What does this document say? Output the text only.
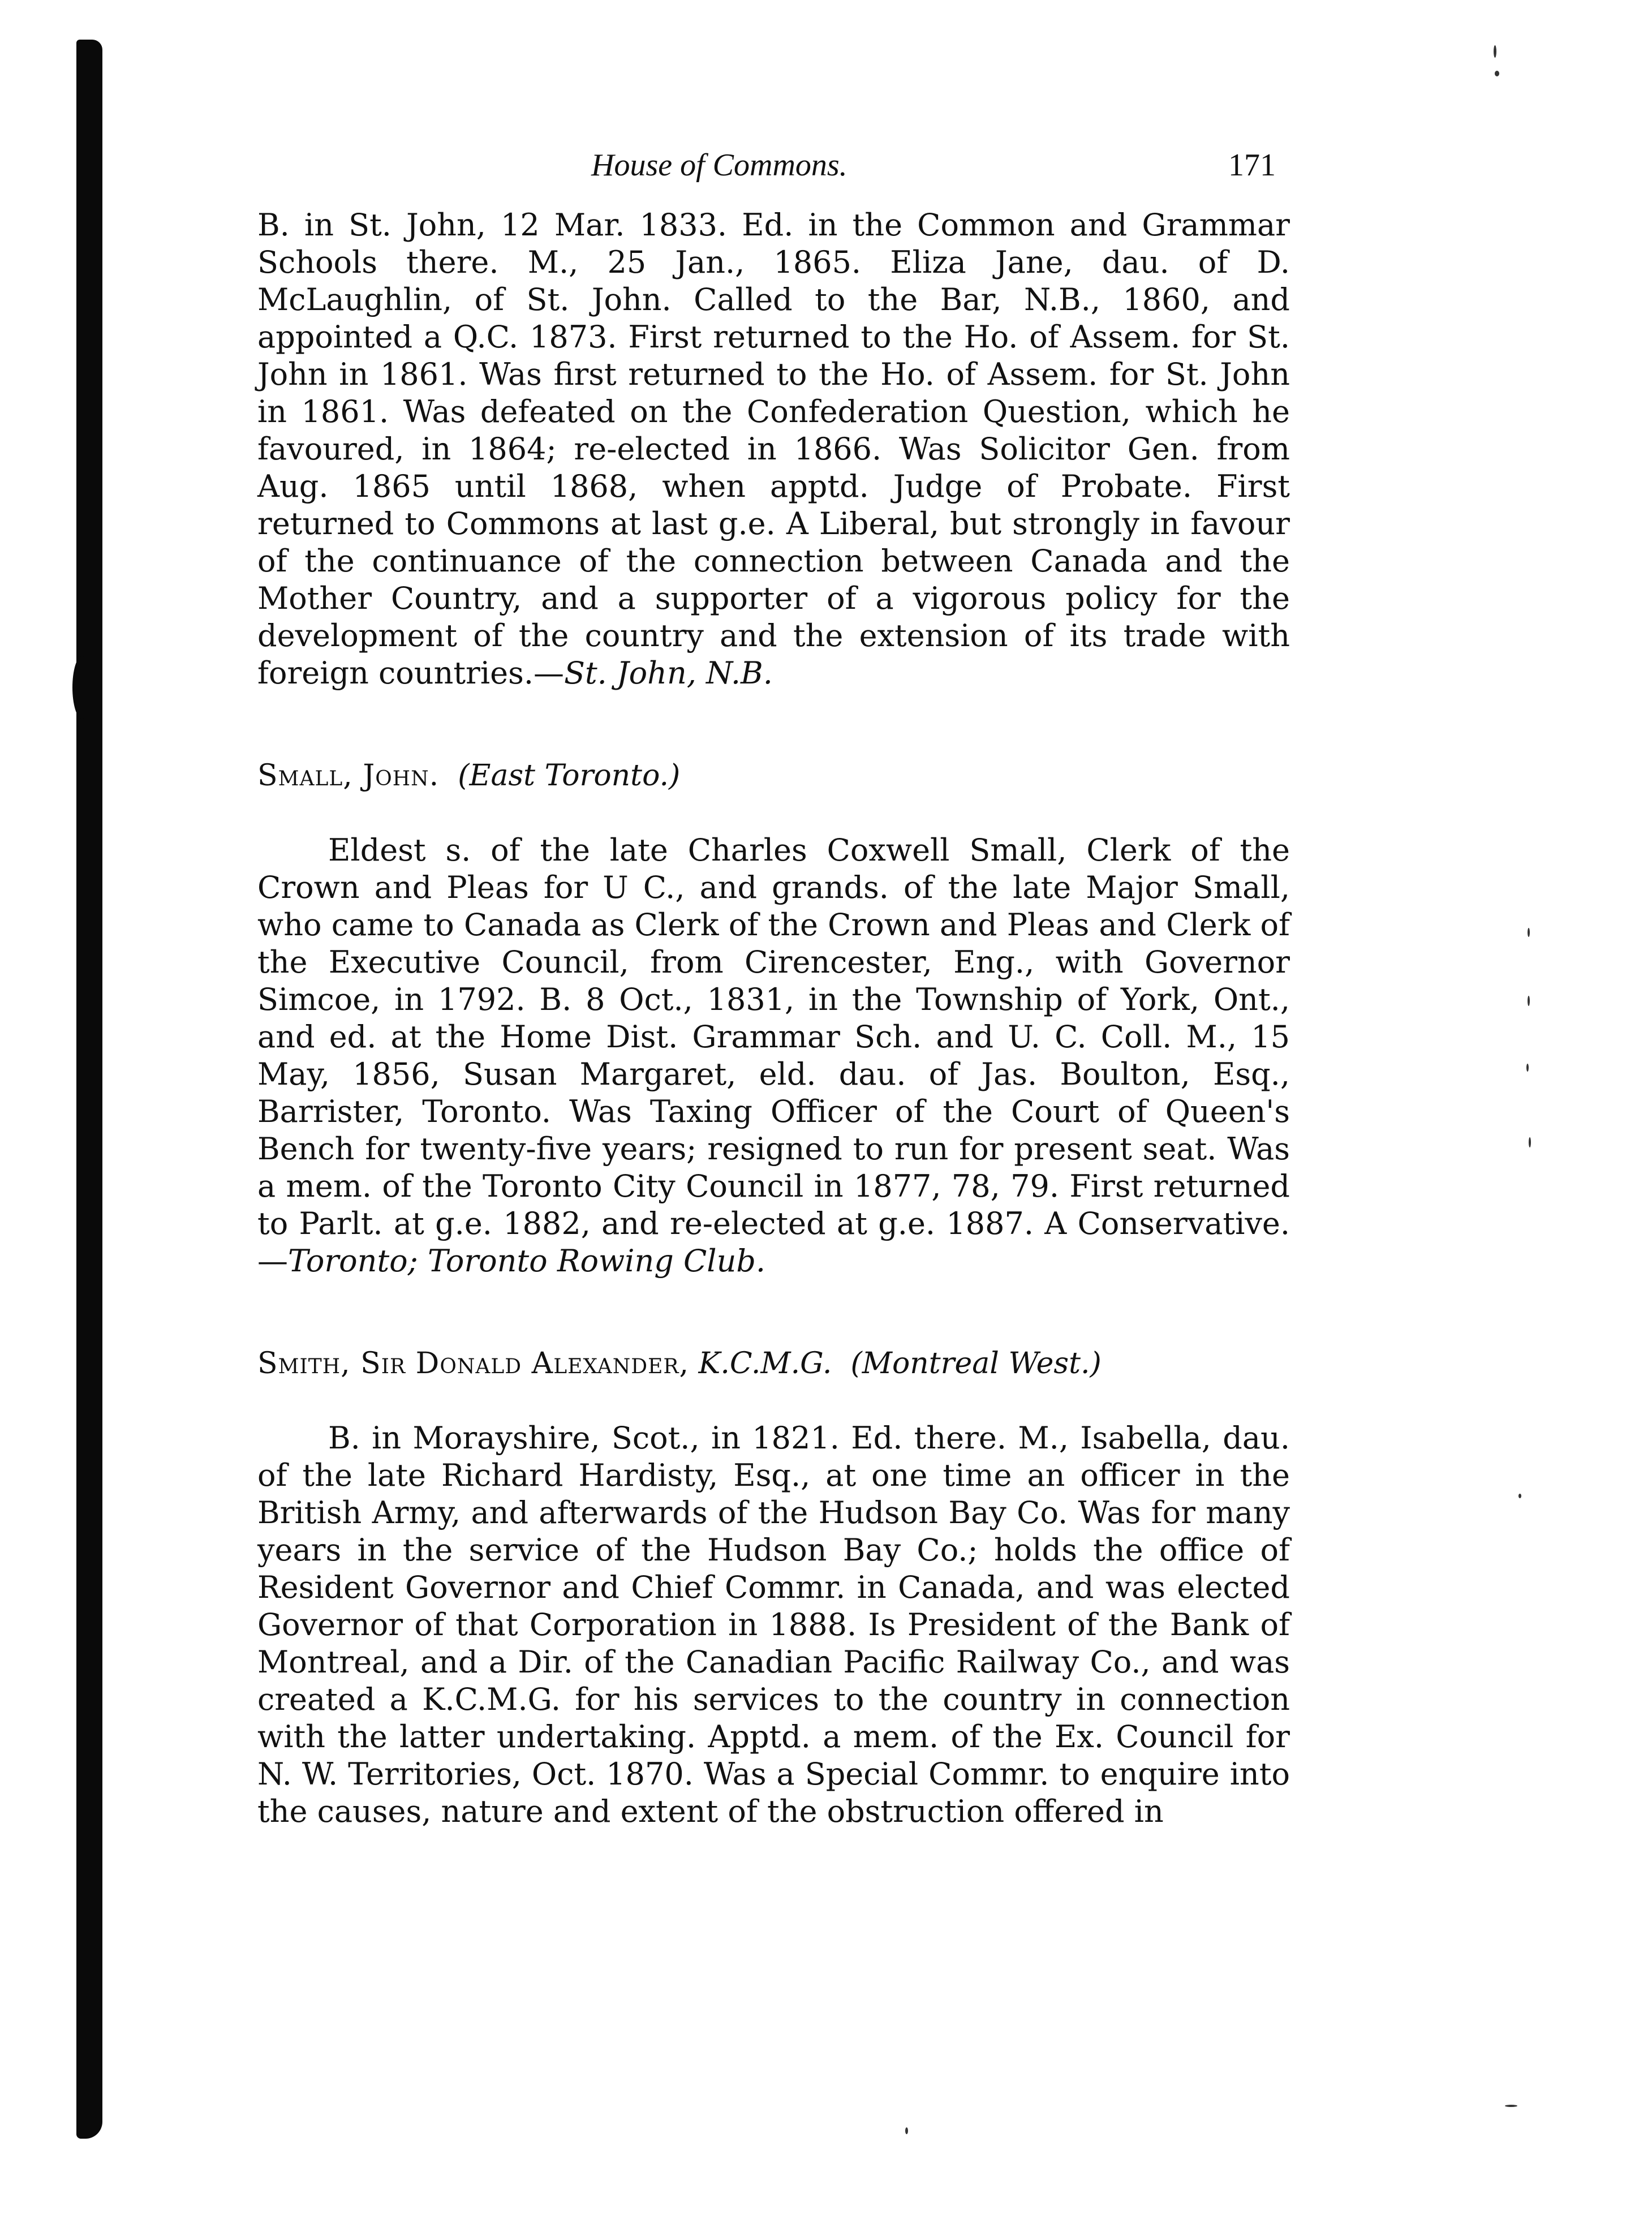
House of Commons.	171

B. in St. John, 12 Mar. 1833. Ed. in the Common and Grammar Schools there. M., 25 Jan., 1865. Eliza Jane, dau. of D. McLaughlin, of St. John. Called to the Bar, N.B., 1860, and appointed a Q.C. 1873. First returned to the Ho. of Assem. for St. John in 1861. Was first returned to the Ho. of Assem. for St. John in 1861. Was defeated on the Confederation Question, which he favoured, in 1864; re-elected in 1866. Was Solicitor Gen. from Aug. 1865 until 1868, when apptd. Judge of Probate. First returned to Commons at last g.e. A Liberal, but strongly in favour of the continuance of the connection between Canada and the Mother Country, and a supporter of a vigorous policy for the development of the country and the extension of its trade with foreign countries.—St. John, N.B.

Small, John. (East Toronto.)

Eldest s. of the late Charles Coxwell Small, Clerk of the Crown and Pleas for U C., and grands. of the late Major Small, who came to Canada as Clerk of the Crown and Pleas and Clerk of the Executive Council, from Cirencester, Eng., with Governor Simcoe, in 1792. B. 8 Oct., 1831, in the Township of York, Ont., and ed. at the Home Dist. Grammar Sch. and U. C. Coll. M., 15 May, 1856, Susan Margaret, eld. dau. of Jas. Boulton, Esq., Barrister, Toronto. Was Taxing Officer of the Court of Queen's Bench for twenty-five years; resigned to run for present seat. Was a mem. of the Toronto City Council in 1877, 78, 79. First returned to Parlt. at g.e. 1882, and re-elected at g.e. 1887. A Conservative.—Toronto; Toronto Rowing Club.

Smith, Sir Donald Alexander, K.C.M.G. (Montreal West.)

B. in Morayshire, Scot., in 1821. Ed. there. M., Isabella, dau. of the late Richard Hardisty, Esq., at one time an officer in the British Army, and afterwards of the Hudson Bay Co. Was for many years in the service of the Hudson Bay Co.; holds the office of Resident Governor and Chief Commr. in Canada, and was elected Governor of that Corporation in 1888. Is President of the Bank of Montreal, and a Dir. of the Canadian Pacific Railway Co., and was created a K.C.M.G. for his services to the country in connection with the latter undertaking. Apptd. a mem. of the Ex. Council for N. W. Territories, Oct. 1870. Was a Special Commr. to enquire into the causes, nature and extent of the obstruction offered in
